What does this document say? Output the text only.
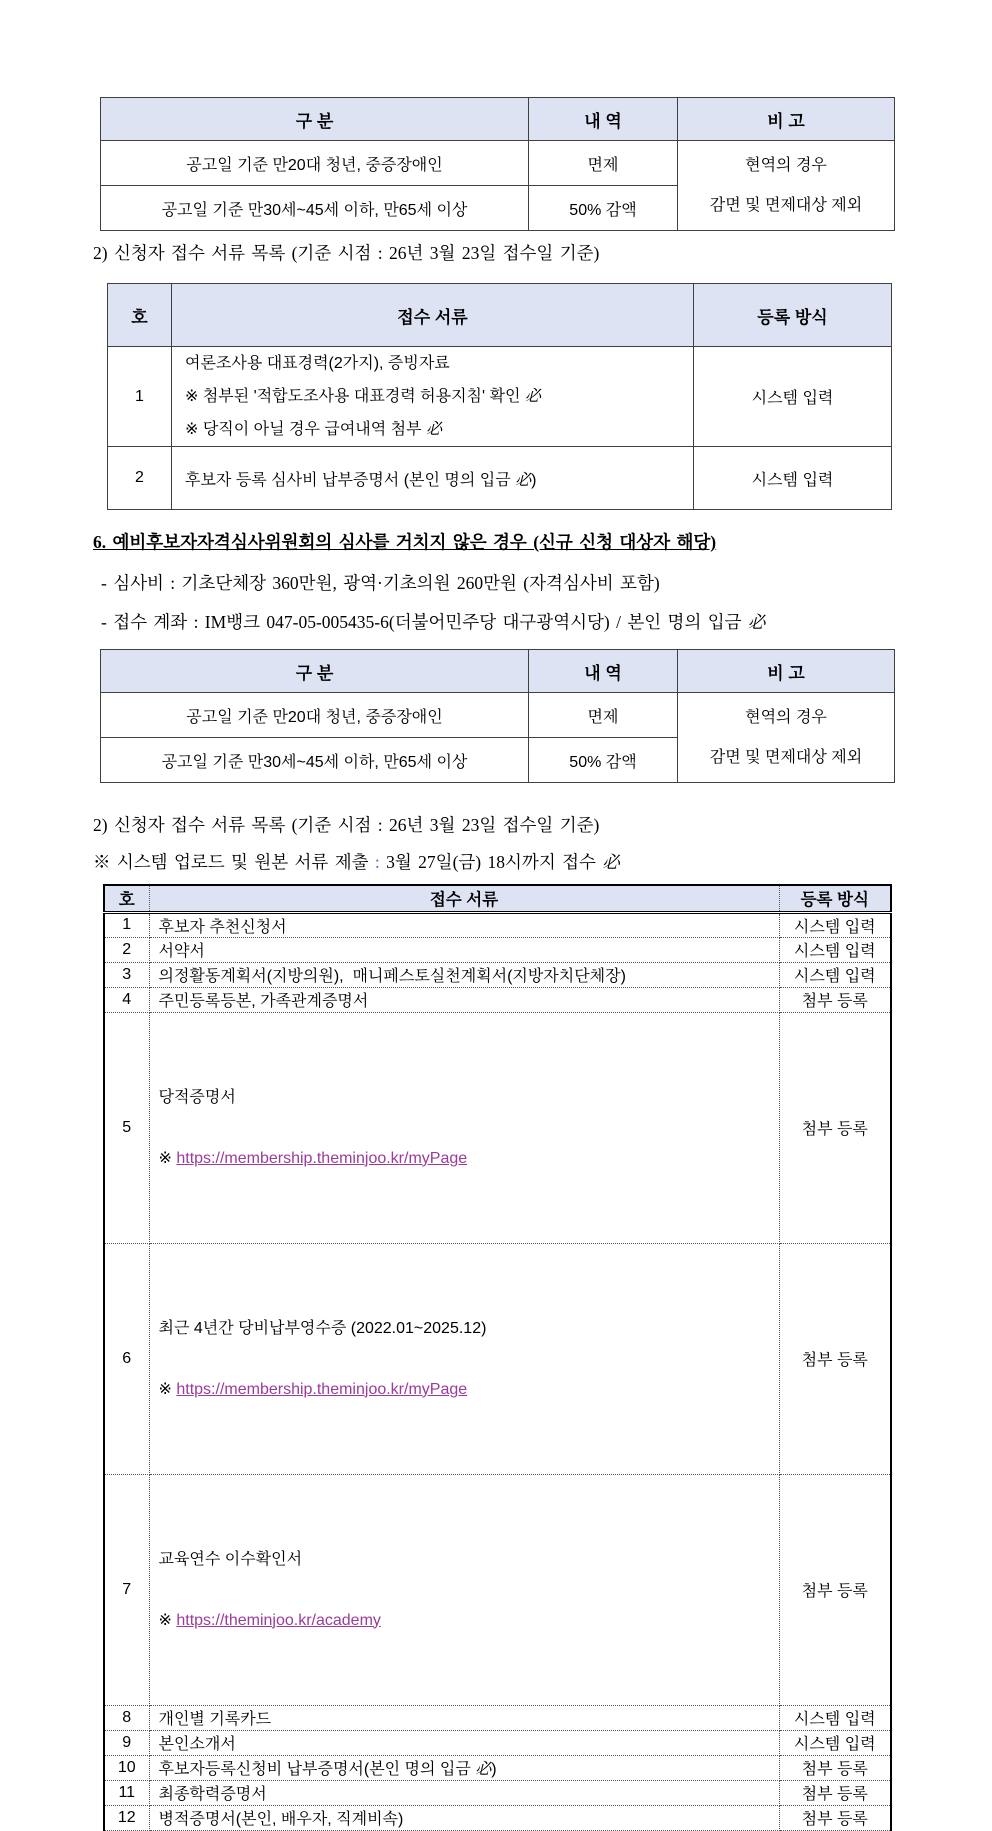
구 분	내 역	비 고
공고일 기준 만20대 청년, 중증장애인	면제	현역의 경우
감면 및 면제대상 제외

공고일 기준 만30세~45세 이하, 만65세 이상	50% 감액	
2) 신청자 접수 서류 목록 (기준 시점 : 26년 3월 23일 접수일 기준)
호	접수 서류	등록 방식
1	여론조사용 대표경력(2가지), 증빙자료
※ 첨부된 '적합도조사용 대표경력 허용지침' 확인 必
※ 당직이 아닐 경우 급여내역 첨부 必	시스템 입력
2	후보자 등록 심사비 납부증명서 (본인 명의 입금 必)	시스템 입력
6. 예비후보자자격심사위원회의 심사를 거치지 않은 경우 (신규 신청 대상자 해당)
- 심사비 : 기초단체장 360만원, 광역·기초의원 260만원 (자격심사비 포함)
- 접수 계좌 : IM뱅크 047-05-005435-6(더불어민주당 대구광역시당) / 본인 명의 입금 必
구 분	내 역	비 고
공고일 기준 만20대 청년, 중증장애인	면제	현역의 경우
감면 및 면제대상 제외

공고일 기준 만30세~45세 이하, 만65세 이상	50% 감액	
2) 신청자 접수 서류 목록 (기준 시점 : 26년 3월 23일 접수일 기준)
※ 시스템 업로드 및 원본 서류 제출 : 3월 27일(금) 18시까지 접수 必
호	접수 서류	등록 방식
1	후보자 추천신청서	시스템 입력
2	서약서	시스템 입력
3	의정활동계획서(지방의원),  매니페스토실천계획서(지방자치단체장)	시스템 입력
4	주민등록등본, 가족관계증명서	첨부 등록
5	당적증명서

※ https://membership.theminjoo.kr/myPage	첨부 등록
6	최근 4년간 당비납부영수증 (2022.01~2025.12)

※ https://membership.theminjoo.kr/myPage	첨부 등록
7	교육연수 이수확인서

※ https://theminjoo.kr/academy	첨부 등록
8	개인별 기록카드	시스템 입력
9	본인소개서	시스템 입력
10	후보자등록신청비 납부증명서(본인 명의 입금 必)	첨부 등록
11	최종학력증명서	첨부 등록
12	병적증명서(본인, 배우자, 직계비속)	첨부 등록
